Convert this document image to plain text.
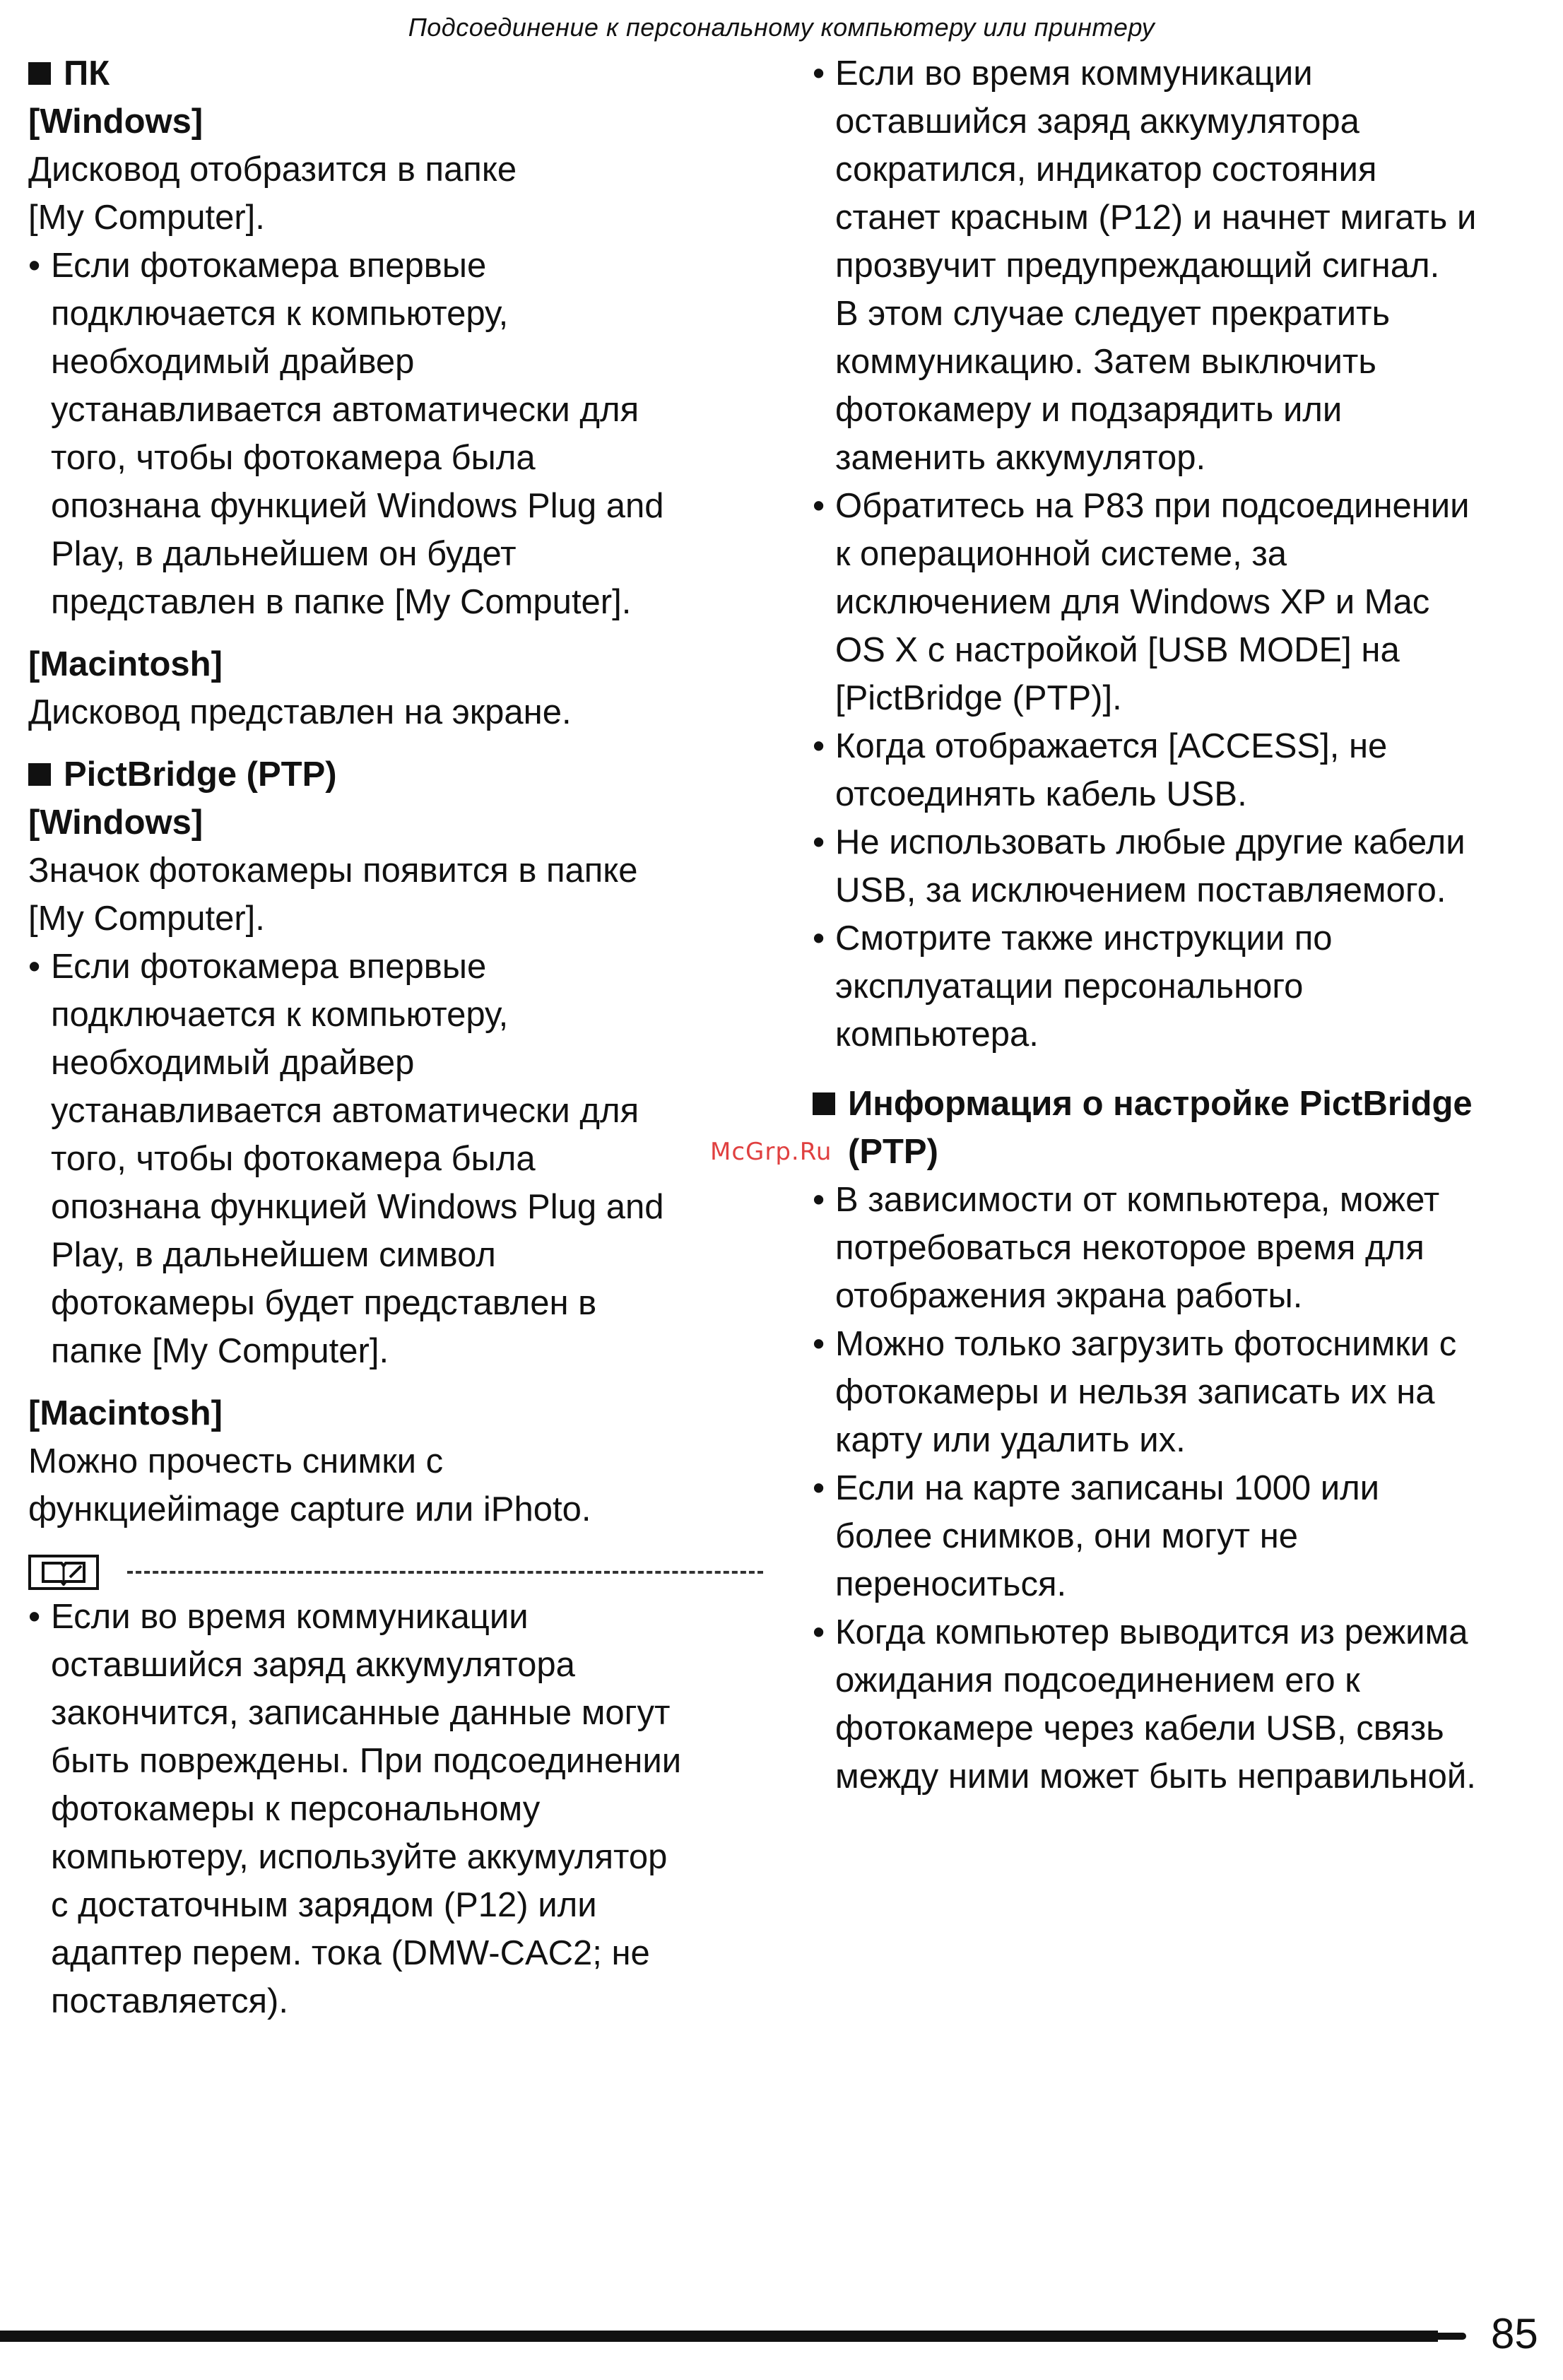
Подсоединение к персональному компьютеру или принтеру
ПК
[Windows]
Дисковод отобразится в папке
[My Computer].
• Если фотокамера впервые
подключается к компьютеру,
необходимый драйвер
устанавливается автоматически для
того, чтобы фотокамера была
опознана функцией Windows Plug and
Play, в дальнейшем он будет
представлен в папке [My Computer].
[Macintosh]
Дисковод представлен на экране.
PictBridge (PTP)
[Windows]
Значок фотокамеры появится в папке
[My Computer].
• Если фотокамера впервые
подключается к компьютеру,
необходимый драйвер
устанавливается автоматически для
того, чтобы фотокамера была
опознана функцией Windows Plug and
Play, в дальнейшем символ
фотокамеры будет представлен в
папке [My Computer].
[Macintosh]
Можно прочесть снимки с
функциейimage capture или iPhoto.
• Если во время коммуникации
оставшийся заряд аккумулятора
закончится, записанные данные могут
быть повреждены. При подсоединении
фотокамеры к персональному
компьютеру, используйте аккумулятор
с достаточным зарядом (P12) или
адаптер перем. тока (DMW-CAC2; не
поставляется).
• Если во время коммуникации
оставшийся заряд аккумулятора
сократился, индикатор состояния
станет красным (P12) и начнет мигать и
прозвучит предупреждающий сигнал.
В этом случае следует прекратить
коммуникацию. Затем выключить
фотокамеру и подзарядить или
заменить аккумулятор.
• Обратитесь на P83 при подсоединении
к операционной системе, за
исключением для Windows XP и Mac
OS X с настройкой [USB MODE] на
[PictBridge (PTP)].
• Когда отображается [ACCESS], не
отсоединять кабель USB.
• Не использовать любые другие кабели
USB, за исключением поставляемого.
• Смотрите также инструкции по
эксплуатации персонального
компьютера.
Информация о настройке PictBridge
(PTP)
• В зависимости от компьютера, может
потребоваться некоторое время для
отображения экрана работы.
• Можно только загрузить фотоснимки с
фотокамеры и нельзя записать их на
карту или удалить их.
• Если на карте записаны 1000 или
более снимков, они могут не
переноситься.
• Когда компьютер выводится из режима
ожидания подсоединением его к
фотокамере через кабели USB, связь
между ними может быть неправильной.
McGrp.Ru
85
